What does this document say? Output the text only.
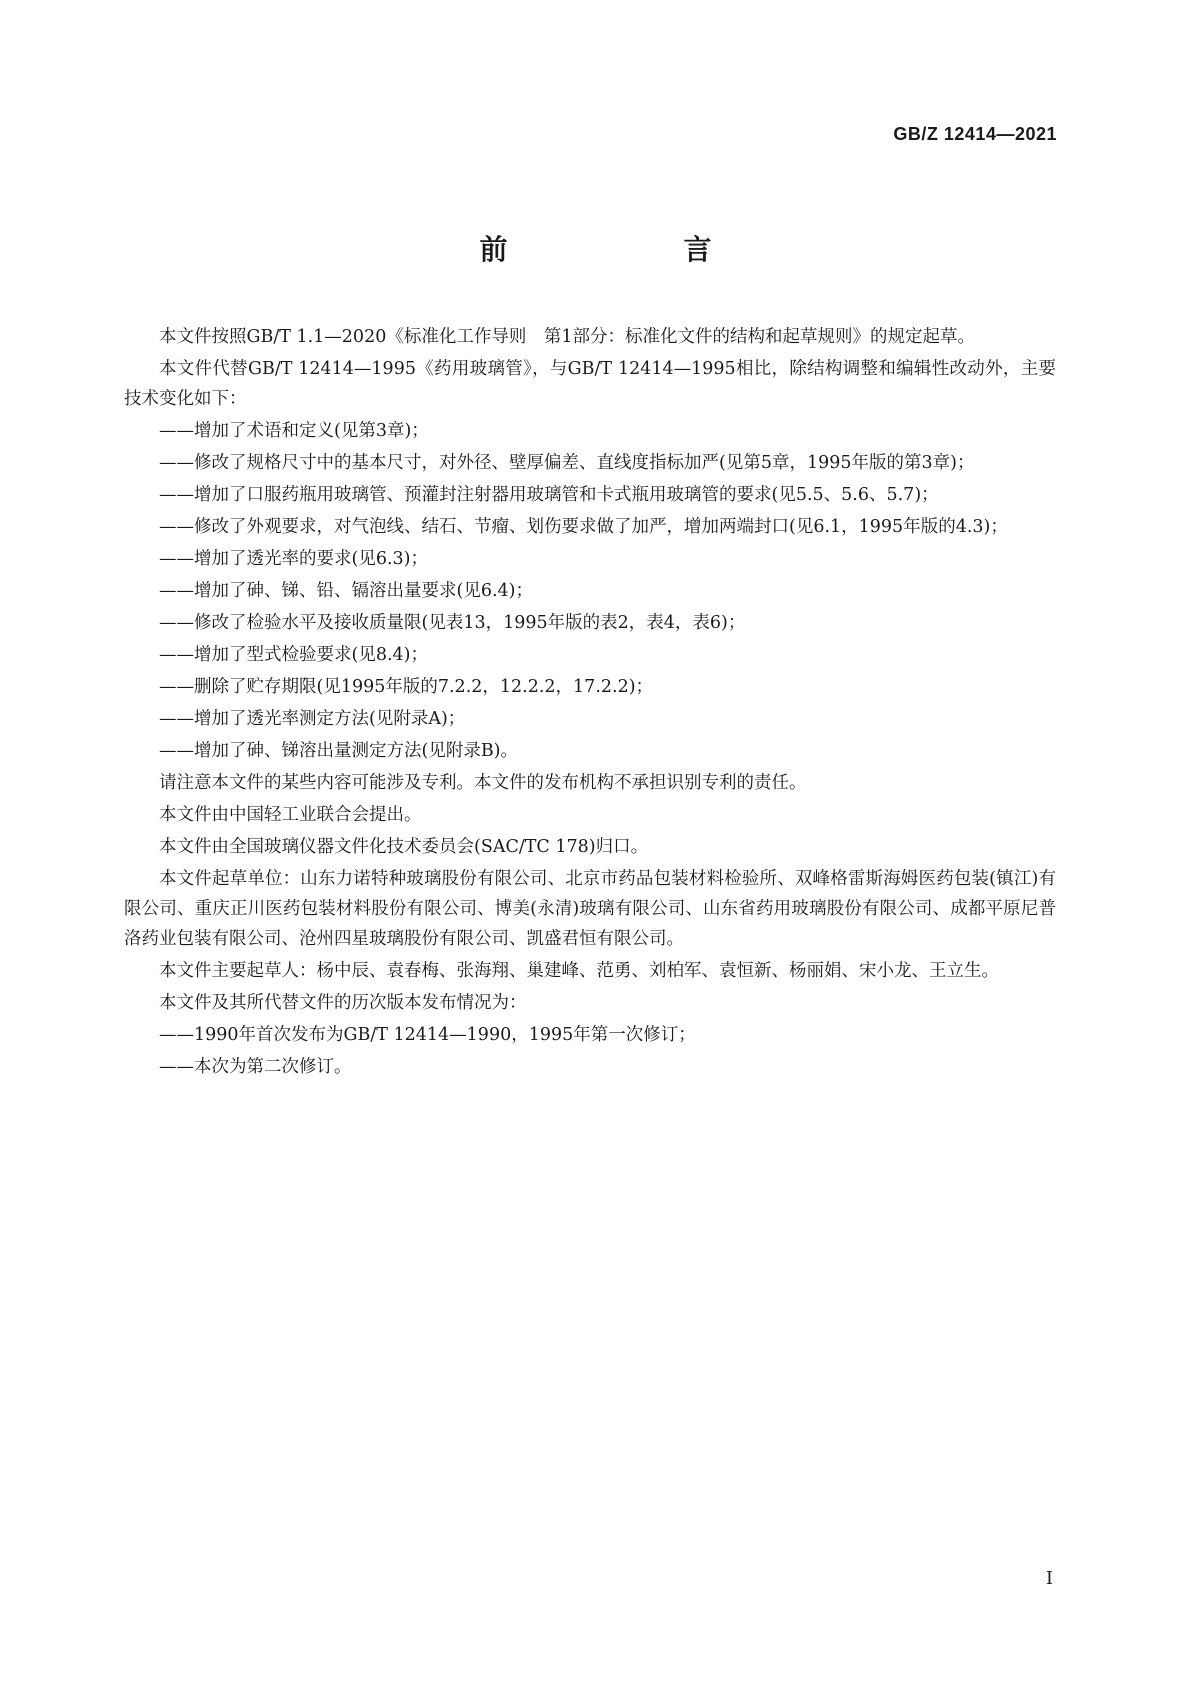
GB/Z 12414—2021
前　　言

本文件按照GB/T 1.1—2020《标准化工作导则　第1部分：标准化文件的结构和起草规则》的规定起草。

本文件代替GB/T 12414—1995《药用玻璃管》，与GB/T 12414—1995相比，除结构调整和编辑性改动外，主要技术变化如下：

——增加了术语和定义(见第3章)；

——修改了规格尺寸中的基本尺寸，对外径、壁厚偏差、直线度指标加严(见第5章，1995年版的第3章)；

——增加了口服药瓶用玻璃管、预灌封注射器用玻璃管和卡式瓶用玻璃管的要求(见5.5、5.6、5.7)；

——修改了外观要求，对气泡线、结石、节瘤、划伤要求做了加严，增加两端封口(见6.1，1995年版的4.3)；

——增加了透光率的要求(见6.3)；

——增加了砷、锑、铅、镉溶出量要求(见6.4)；

——修改了检验水平及接收质量限(见表13，1995年版的表2，表4，表6)；

——增加了型式检验要求(见8.4)；

——删除了贮存期限(见1995年版的7.2.2，12.2.2，17.2.2)；

——增加了透光率测定方法(见附录A)；

——增加了砷、锑溶出量测定方法(见附录B)。

请注意本文件的某些内容可能涉及专利。本文件的发布机构不承担识别专利的责任。

本文件由中国轻工业联合会提出。

本文件由全国玻璃仪器文件化技术委员会(SAC/TC 178)归口。

本文件起草单位：山东力诺特种玻璃股份有限公司、北京市药品包装材料检验所、双峰格雷斯海姆医药包装(镇江)有限公司、重庆正川医药包装材料股份有限公司、博美(永清)玻璃有限公司、山东省药用玻璃股份有限公司、成都平原尼普洛药业包装有限公司、沧州四星玻璃股份有限公司、凯盛君恒有限公司。

本文件主要起草人：杨中辰、袁春梅、张海翔、巢建峰、范勇、刘柏军、袁恒新、杨丽娟、宋小龙、王立生。

本文件及其所代替文件的历次版本发布情况为：

——1990年首次发布为GB/T 12414—1990，1995年第一次修订；

——本次为第二次修订。

I
